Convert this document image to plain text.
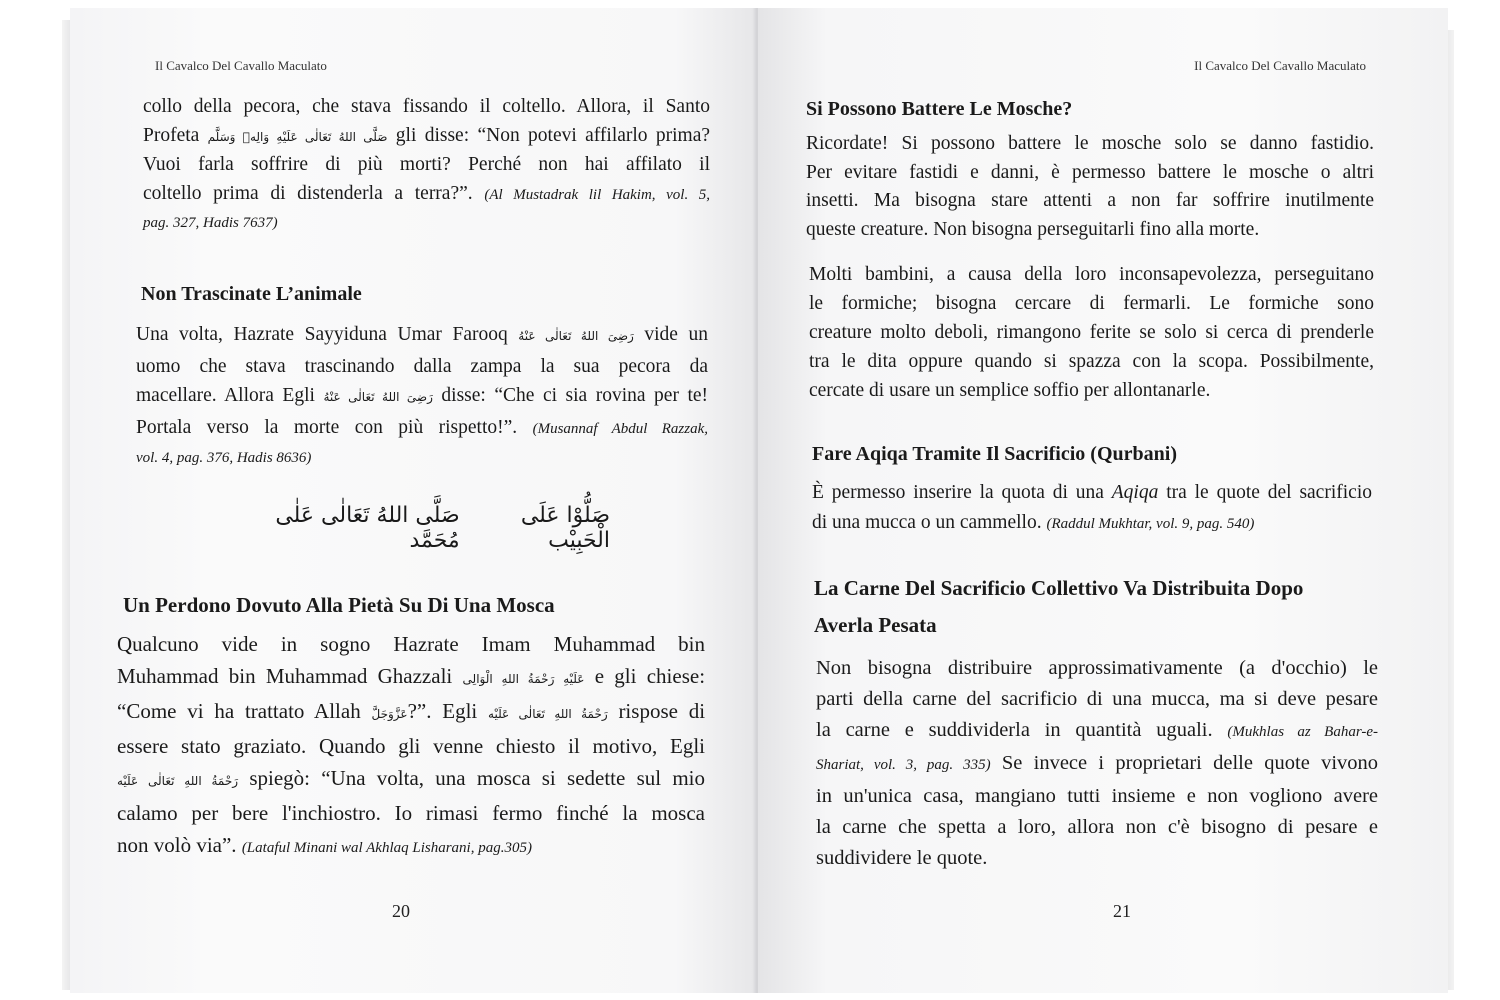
Il Cavalco Del Cavallo Maculato
collo della pecora, che stava fissando il coltello. Allora, il Santo
Profeta صَلَّى اللهُ تَعَالٰى عَلَيْهِ وَالِهٖ وَسَلَّم gli disse: “Non potevi affilarlo prima?
Vuoi farla soffrire di più morti? Perché non hai affilato il
coltello prima di distenderla a terra?”. (Al Mustadrak lil Hakim, vol. 5,
pag. 327, Hadis 7637)
Non Trascinate L’animale
Una volta, Hazrate Sayyiduna Umar Farooq رَضِىَ اللهُ تَعَالٰى عَنْهُ vide un
uomo che stava trascinando dalla zampa la sua pecora da
macellare. Allora Egli رَضِىَ اللهُ تَعَالٰى عَنْهُ disse: “Che ci sia rovina per te!
Portala verso la morte con più rispetto!”. (Musannaf Abdul Razzak,
vol. 4, pag. 376, Hadis 8636)
صَلُّوْا عَلَى الْحَبِيْب
صَلَّى اللهُ تَعَالٰى عَلٰى مُحَمَّد
Un Perdono Dovuto Alla Pietà Su Di Una Mosca
Qualcuno vide in sogno Hazrate Imam Muhammad bin
Muhammad bin Muhammad Ghazzali عَلَيْهِ رَحْمَةُ اللهِ الْوَالِى e gli chiese:
“Come vi ha trattato Allah عَزَّوَجَلَّ?”. Egli رَحْمَةُ اللهِ تَعَالٰى عَلَيْه rispose di
essere stato graziato. Quando gli venne chiesto il motivo, Egli
رَحْمَةُ اللهِ تَعَالٰى عَلَيْه spiegò: “Una volta, una mosca si sedette sul mio
calamo per bere l'inchiostro. Io rimasi fermo finché la mosca
non volò via”. (Lataful Minani wal Akhlaq Lisharani, pag.305)
20
Il Cavalco Del Cavallo Maculato
Si Possono Battere Le Mosche?
Ricordate! Si possono battere le mosche solo se danno fastidio.
Per evitare fastidi e danni, è permesso battere le mosche o altri
insetti. Ma bisogna stare attenti a non far soffrire inutilmente
queste creature. Non bisogna perseguitarli fino alla morte.
Molti bambini, a causa della loro inconsapevolezza, perseguitano
le formiche; bisogna cercare di fermarli. Le formiche sono
creature molto deboli, rimangono ferite se solo si cerca di prenderle
tra le dita oppure quando si spazza con la scopa. Possibilmente,
cercate di usare un semplice soffio per allontanarle.
Fare Aqiqa Tramite Il Sacrificio (Qurbani)
È permesso inserire la quota di una Aqiqa tra le quote del sacrificio
di una mucca o un cammello. (Raddul Mukhtar, vol. 9, pag. 540)
La Carne Del Sacrificio Collettivo Va Distribuita Dopo
Averla Pesata
Non bisogna distribuire approssimativamente (a d'occhio) le
parti della carne del sacrificio di una mucca, ma si deve pesare
la carne e suddividerla in quantità uguali. (Mukhlas az Bahar-e-
Shariat, vol. 3, pag. 335) Se invece i proprietari delle quote vivono
in un'unica casa, mangiano tutti insieme e non vogliono avere
la carne che spetta a loro, allora non c'è bisogno di pesare e
suddividere le quote.
21
